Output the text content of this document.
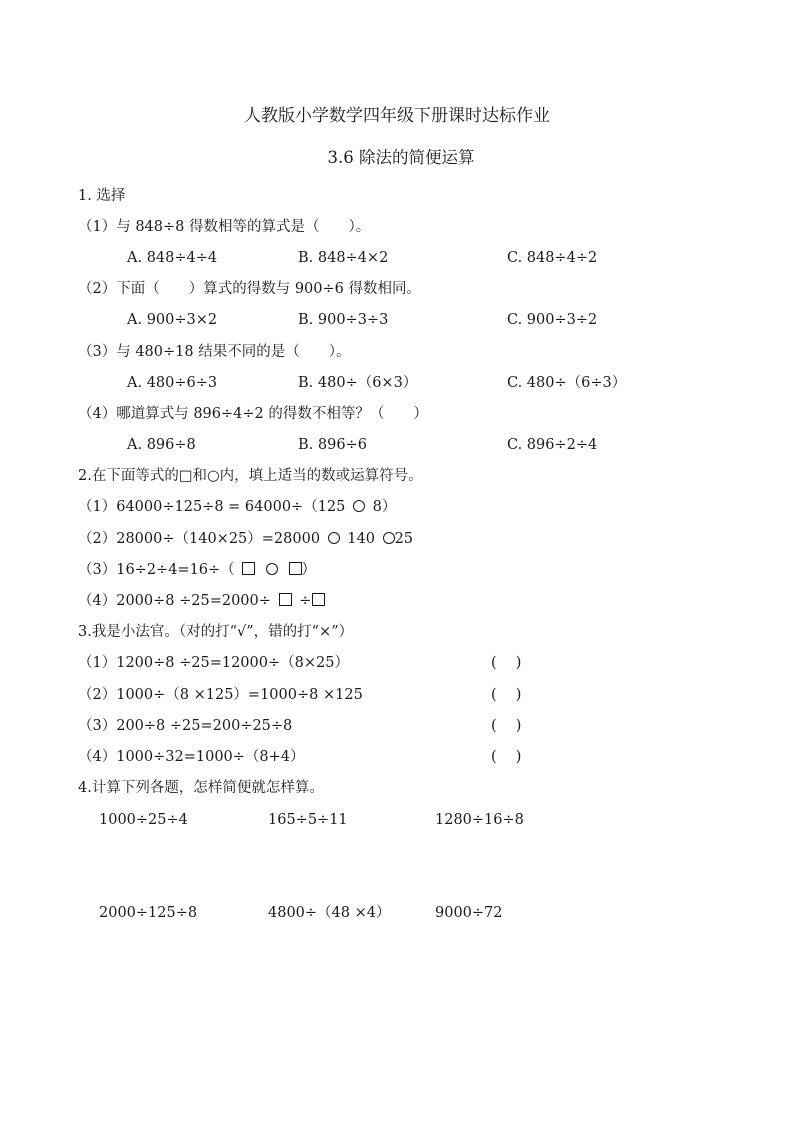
人教版小学数学四年级下册课时达标作业
3.6 除法的简便运算
1. 选择
（1）与 848÷8 得数相等的算式是（　　）。
A. 848÷4÷4	B. 848÷4×2	C. 848÷4÷2
（2）下面（　　）算式的得数与 900÷6 得数相同。
A. 900÷3×2	B. 900÷3÷3	C. 900÷3÷2
（3）与 480÷18 结果不同的是（　　）。
A. 480÷6÷3	B. 480÷（6×3）	C. 480÷（6÷3）
（4）哪道算式与 896÷4÷2 的得数不相等？（　　）
A. 896÷8	B. 896÷6	C. 896÷2÷4
2.在下面等式的□和○内，填上适当的数或运算符号。
（1）64000÷125÷8 = 64000÷（125 8）
（2）28000÷（140×25）=28000 140 25
（3）16÷2÷4=16÷（	）
（4）2000÷8 ÷25=2000÷ ÷
3.我是小法官。（对的打“√”，错的打“×”）
（1）1200÷8 ÷25=12000÷（8×25）	(　 )
（2）1000÷（8 ×125）=1000÷8 ×125	(　 )
（3）200÷8 ÷25=200÷25÷8	(　 )
（4）1000÷32=1000÷（8+4）	(　 )
4.计算下列各题，怎样简便就怎样算。
1000÷25÷4	165÷5÷11	1280÷16÷8
2000÷125÷8	4800÷（48 ×4）	9000÷72
